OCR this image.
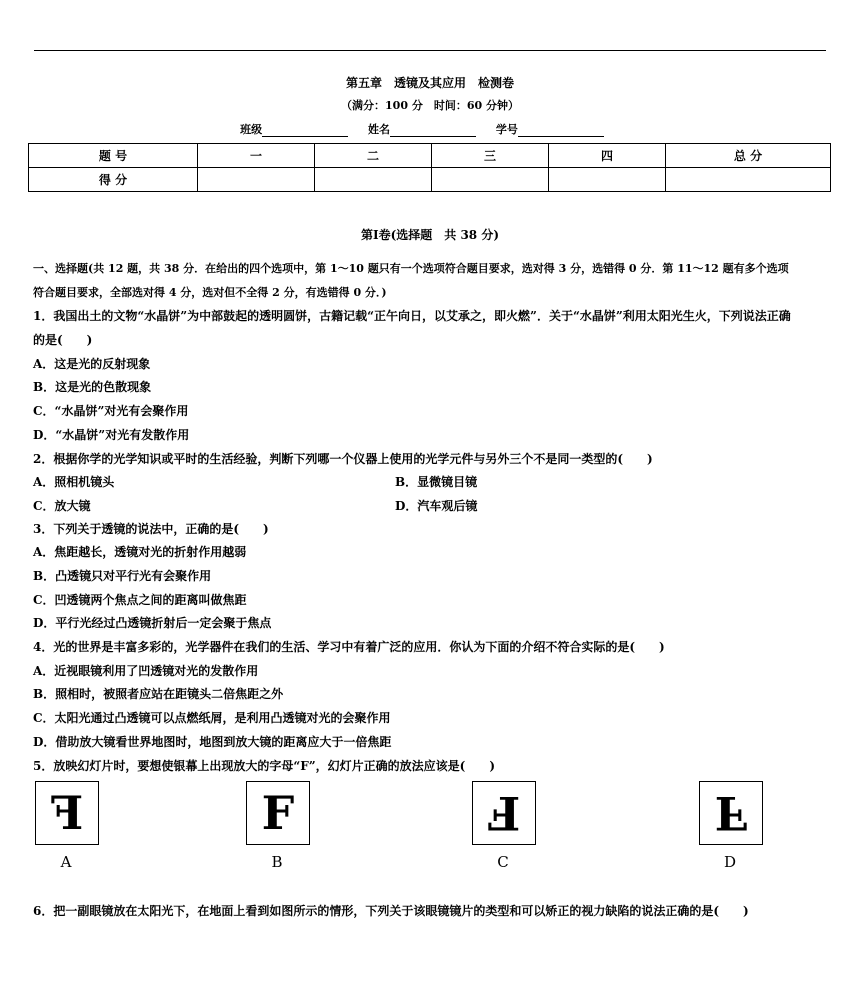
第五章　透镜及其应用　检测卷
（满分：100 分　时间：60 分钟）
班级	姓名	学号
题 号	一	二	三	四	总 分
得 分					
第Ⅰ卷(选择题　共 38 分)
一、选择题(共 12 题，共 38 分．在给出的四个选项中，第 1～10 题只有一个选项符合题目要求，选对得 3 分，选错得 0 分．第 11～12 题有多个选项
符合题目要求，全部选对得 4 分，选对但不全得 2 分，有选错得 0 分．)
1．我国出土的文物“水晶饼”为中部鼓起的透明圆饼，古籍记载“正午向日，以艾承之，即火燃”．关于“水晶饼”利用太阳光生火，下列说法正确
的是(　　)
A．这是光的反射现象
B．这是光的色散现象
C．“水晶饼”对光有会聚作用
D．“水晶饼”对光有发散作用
2．根据你学的光学知识或平时的生活经验，判断下列哪一个仪器上使用的光学元件与另外三个不是同一类型的(　　)
A．照相机镜头	B．显微镜目镜
C．放大镜	D．汽车观后镜
3．下列关于透镜的说法中，正确的是(　　)
A．焦距越长，透镜对光的折射作用越弱
B．凸透镜只对平行光有会聚作用
C．凹透镜两个焦点之间的距离叫做焦距
D．平行光经过凸透镜折射后一定会聚于焦点
4．光的世界是丰富多彩的，光学器件在我们的生活、学习中有着广泛的应用．你认为下面的介绍不符合实际的是(　　)
A．近视眼镜利用了凹透镜对光的发散作用
B．照相时，被照者应站在距镜头二倍焦距之外
C．太阳光通过凸透镜可以点燃纸屑，是利用凸透镜对光的会聚作用
D．借助放大镜看世界地图时，地图到放大镜的距离应大于一倍焦距
5．放映幻灯片时，要想使银幕上出现放大的字母“F”，幻灯片正确的放法应该是(　　)
F
A
F
B
F
C
F
D
6．把一副眼镜放在太阳光下，在地面上看到如图所示的情形，下列关于该眼镜镜片的类型和可以矫正的视力缺陷的说法正确的是(　　)
